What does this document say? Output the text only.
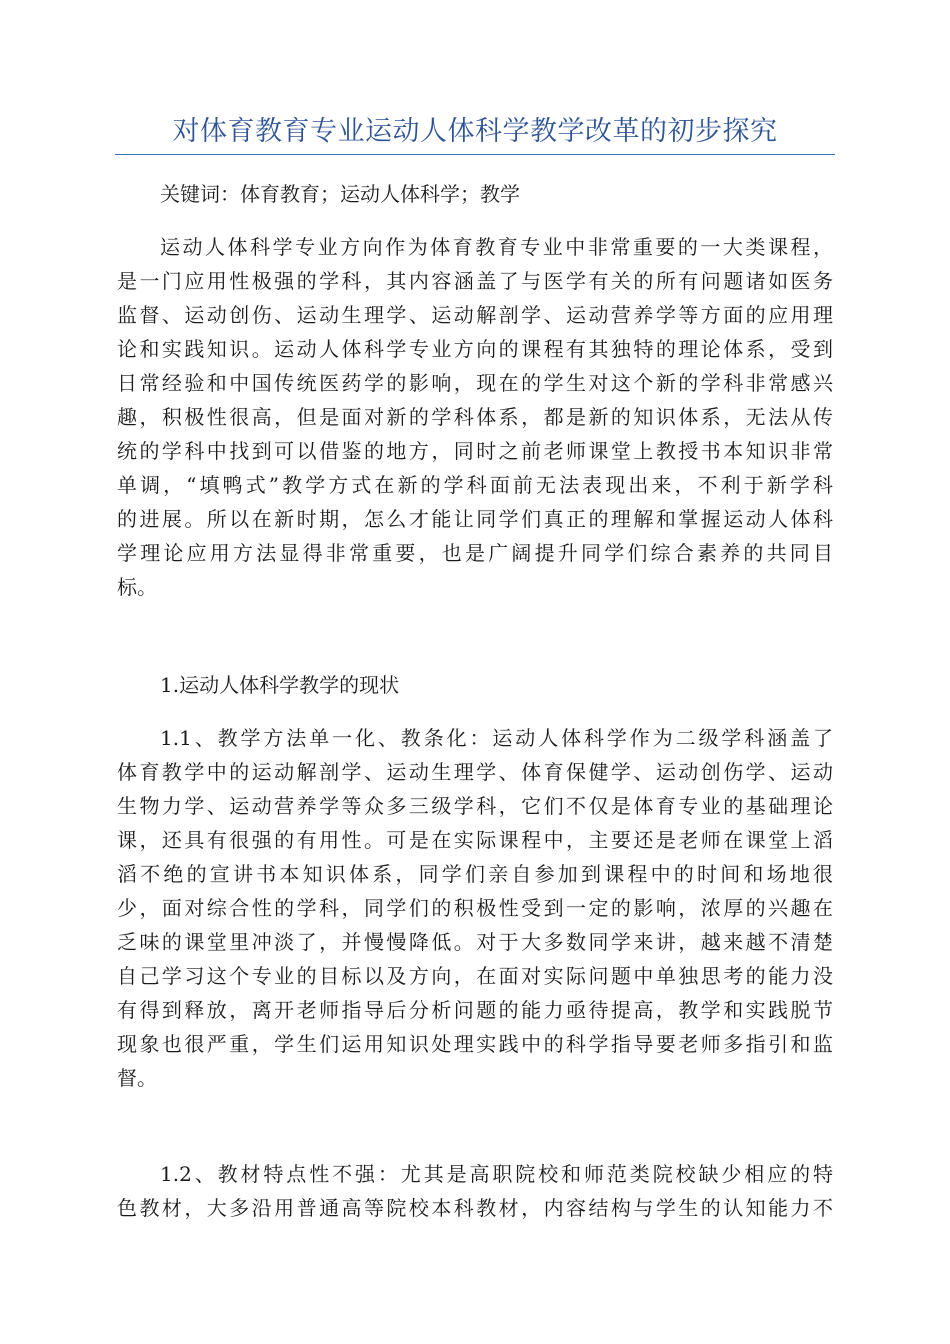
对体育教育专业运动人体科学教学改革的初步探究
关键词：体育教育；运动人体科学；教学
运动人体科学专业方向作为体育教育专业中非常重要的一大类课程，
是一门应用性极强的学科，其内容涵盖了与医学有关的所有问题诸如医务
监督、运动创伤、运动生理学、运动解剖学、运动营养学等方面的应用理
论和实践知识。运动人体科学专业方向的课程有其独特的理论体系，受到
日常经验和中国传统医药学的影响，现在的学生对这个新的学科非常感兴
趣，积极性很高，但是面对新的学科体系，都是新的知识体系，无法从传
统的学科中找到可以借鉴的地方，同时之前老师课堂上教授书本知识非常
单调，“填鸭式”教学方式在新的学科面前无法表现出来，不利于新学科
的进展。所以在新时期，怎么才能让同学们真正的理解和掌握运动人体科
学理论应用方法显得非常重要，也是广阔提升同学们综合素养的共同目
标。
1.运动人体科学教学的现状
1.1、教学方法单一化、教条化：运动人体科学作为二级学科涵盖了
体育教学中的运动解剖学、运动生理学、体育保健学、运动创伤学、运动
生物力学、运动营养学等众多三级学科，它们不仅是体育专业的基础理论
课，还具有很强的有用性。可是在实际课程中，主要还是老师在课堂上滔
滔不绝的宣讲书本知识体系，同学们亲自参加到课程中的时间和场地很
少，面对综合性的学科，同学们的积极性受到一定的影响，浓厚的兴趣在
乏味的课堂里冲淡了，并慢慢降低。对于大多数同学来讲，越来越不清楚
自己学习这个专业的目标以及方向，在面对实际问题中单独思考的能力没
有得到释放，离开老师指导后分析问题的能力亟待提高，教学和实践脱节
现象也很严重，学生们运用知识处理实践中的科学指导要老师多指引和监
督。
1.2、教材特点性不强：尤其是高职院校和师范类院校缺少相应的特
色教材，大多沿用普通高等院校本科教材，内容结构与学生的认知能力不
